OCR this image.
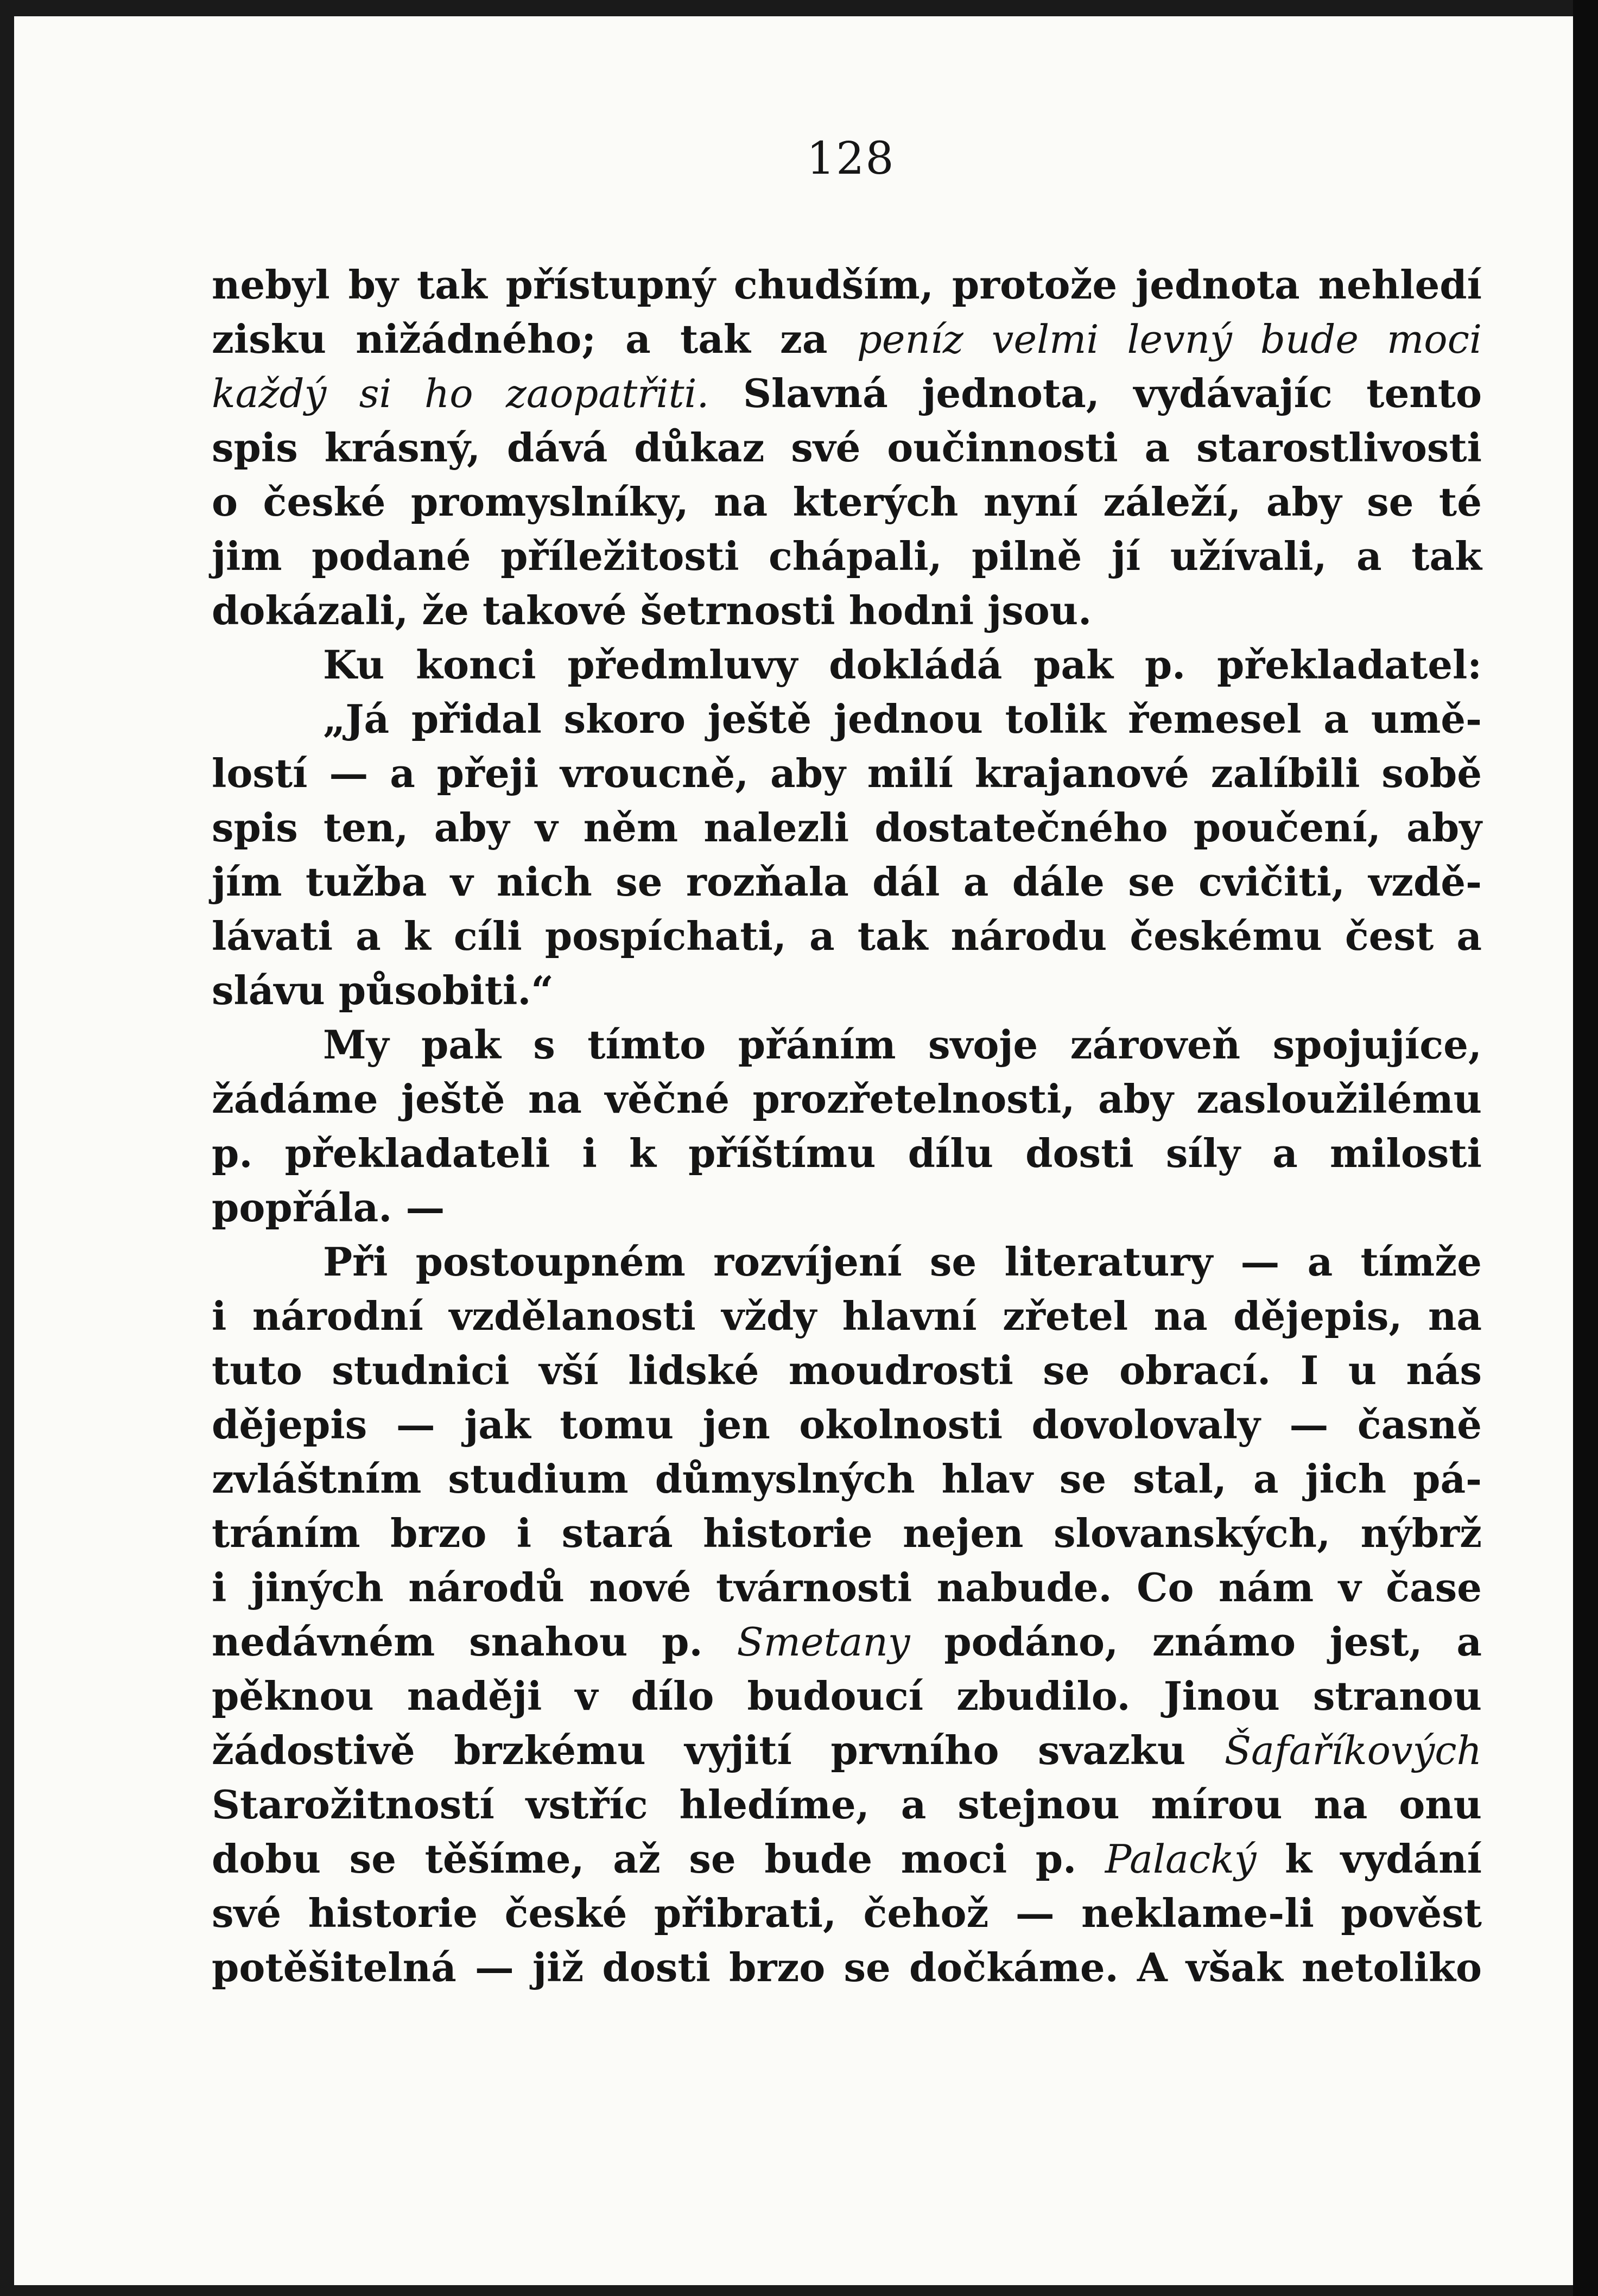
128

nebyl by tak přístupný chudším, protože jednota nehledí

zisku nižádného; a tak za peníz velmi levný bude moci

každý si ho zaopatřiti. Slavná jednota, vydávajíc tento

spis krásný, dává důkaz své oučinnosti a starostlivosti

o české promyslníky, na kterých nyní záleží, aby se té

jim podané příležitosti chápali, pilně jí užívali, a tak

dokázali, že takové šetrnosti hodni jsou.

Ku konci předmluvy dokládá pak p. překladatel:

„Já přidal skoro ještě jednou tolik řemesel a umě-

lostí — a přeji vroucně, aby milí krajanové zalíbili sobě

spis ten, aby v něm nalezli dostatečného poučení, aby

jím tužba v nich se rozňala dál a dále se cvičiti, vzdě-

lávati a k cíli pospíchati, a tak národu českému čest a

slávu působiti.“

My pak s tímto přáním svoje zároveň spojujíce,

žádáme ještě na věčné prozřetelnosti, aby zasloužilému

p. překladateli i k příštímu dílu dosti síly a milosti

popřála. —

Při postoupném rozvíjení se literatury — a tímže

i národní vzdělanosti vždy hlavní zřetel na dějepis, na

tuto studnici vší lidské moudrosti se obrací. I u nás

dějepis — jak tomu jen okolnosti dovolovaly — časně

zvláštním studium důmyslných hlav se stal, a jich pá-

tráním brzo i stará historie nejen slovanských, nýbrž

i jiných národů nové tvárnosti nabude. Co nám v čase

nedávném snahou p. Smetany podáno, známo jest, a

pěknou naději v dílo budoucí zbudilo. Jinou stranou

žádostivě brzkému vyjití prvního svazku Šafaříkových

Starožitností vstříc hledíme, a stejnou mírou na onu

dobu se těšíme, až se bude moci p. Palacký k vydání

své historie české přibrati, čehož — neklame-li pověst

potěšitelná — již dosti brzo se dočkáme. A však netoliko
